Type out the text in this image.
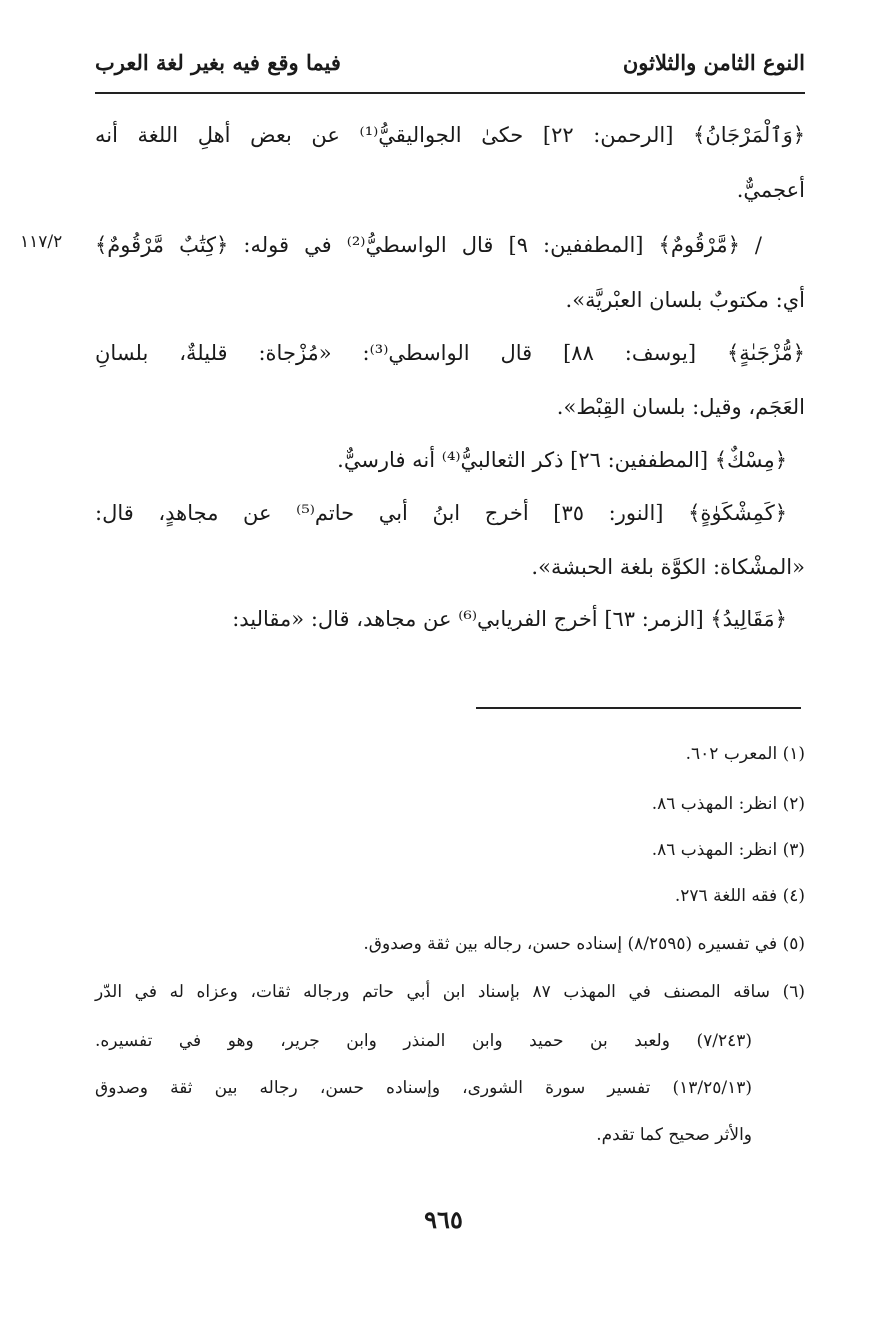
النوع الثامن والثلاثون
فيما وقع فيه بغير لغة العرب
١١٧/٢
﴿وَٱلْمَرْجَانُ﴾ [الرحمن: ٢٢] حكىٰ الجواليقيُّ⁽¹⁾ عن بعض أهلِ اللغة أنه
أعجميٌّ.
/ ﴿مَّرْقُومٌ﴾ [المطففين: ٩] قال الواسطيُّ⁽²⁾ في قوله: ﴿كِتَٰبٌ مَّرْقُومٌ﴾
أي: مكتوبٌ بلسان العبْريَّة».
﴿مُّزْجَىٰةٍ﴾ [يوسف: ٨٨] قال الواسطي⁽³⁾: «مُزْجاة: قليلةٌ، بلسانِ
العَجَم، وقيل: بلسان القِبْط».
﴿مِسْكٌ﴾ [المطففين: ٢٦] ذكر الثعالبيُّ⁽⁴⁾ أنه فارسيٌّ.
﴿كَمِشْكَوٰةٍ﴾ [النور: ٣٥] أخرج ابنُ أبي حاتم⁽⁵⁾ عن مجاهدٍ، قال:
«المشْكاة: الكوَّة بلغة الحبشة».
﴿مَقَالِيدُ﴾ [الزمر: ٦٣] أخرج الفريابي⁽⁶⁾ عن مجاهد، قال: «مقاليد:
(١) المعرب ٦٠٢.
(٢) انظر: المهذب ٨٦.
(٣) انظر: المهذب ٨٦.
(٤) فقه اللغة ٢٧٦.
(٥) في تفسيره (٨/٢٥٩٥) إسناده حسن، رجاله بين ثقة وصدوق.
(٦) ساقه المصنف في المهذب ٨٧ بإسناد ابن أبي حاتم ورجاله ثقات، وعزاه له في الدّر
(٧/٢٤٣) ولعبد بن حميد وابن المنذر وابن جرير، وهو في تفسيره.
(١٣/٢٥/١٣) تفسير سورة الشورى، وإسناده حسن، رجاله بين ثقة وصدوق
والأثر صحيح كما تقدم.
٩٦٥
